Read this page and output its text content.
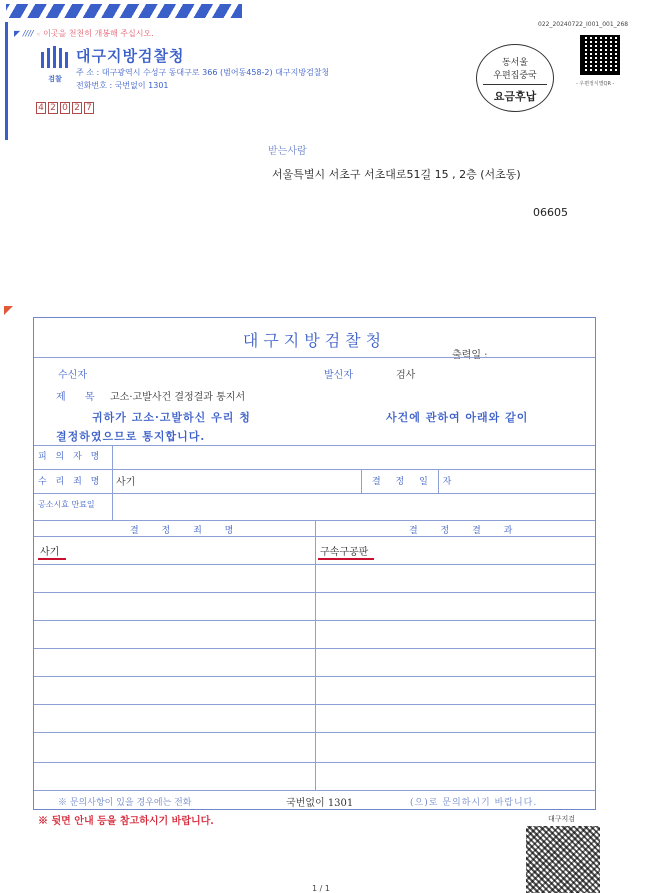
◤ //// ☜ 이곳을 천천히 개봉해 주십시오.
022_20240722_I001_001_268
검찰
대구지방검찰청
주 소 : 대구광역시 수성구 동대구로 366 (범어동458-2) 대구지방검찰청
전화번호 : 국번없이 1301
4 2 0 2 7
동서울
우편집중국
요금후납
- 우편정식별QR -
받는사람
서울특별시 서초구 서초대로51길 15 , 2층 (서초동)
06605
대구지방검찰청
출력일 :
수신자	발신자	검사
제 목 고소·고발사건 결정결과 통지서
귀하가 고소·고발하신 우리 청	사건에 관하여 아래와 같이
결정하였으므로 통지합니다.
피 의 자 명
수 리 죄 명 사기	결 정 일 자
공소시효 만료일
결 정 죄 명	결 정 결 과
사기	구속구공판
※ 문의사항이 있을 경우에는 전화	국번없이 1301	(으)로 문의하시기 바랍니다.
※ 뒷면 안내 등을 참고하시기 바랍니다.	대구지검
1 / 1
